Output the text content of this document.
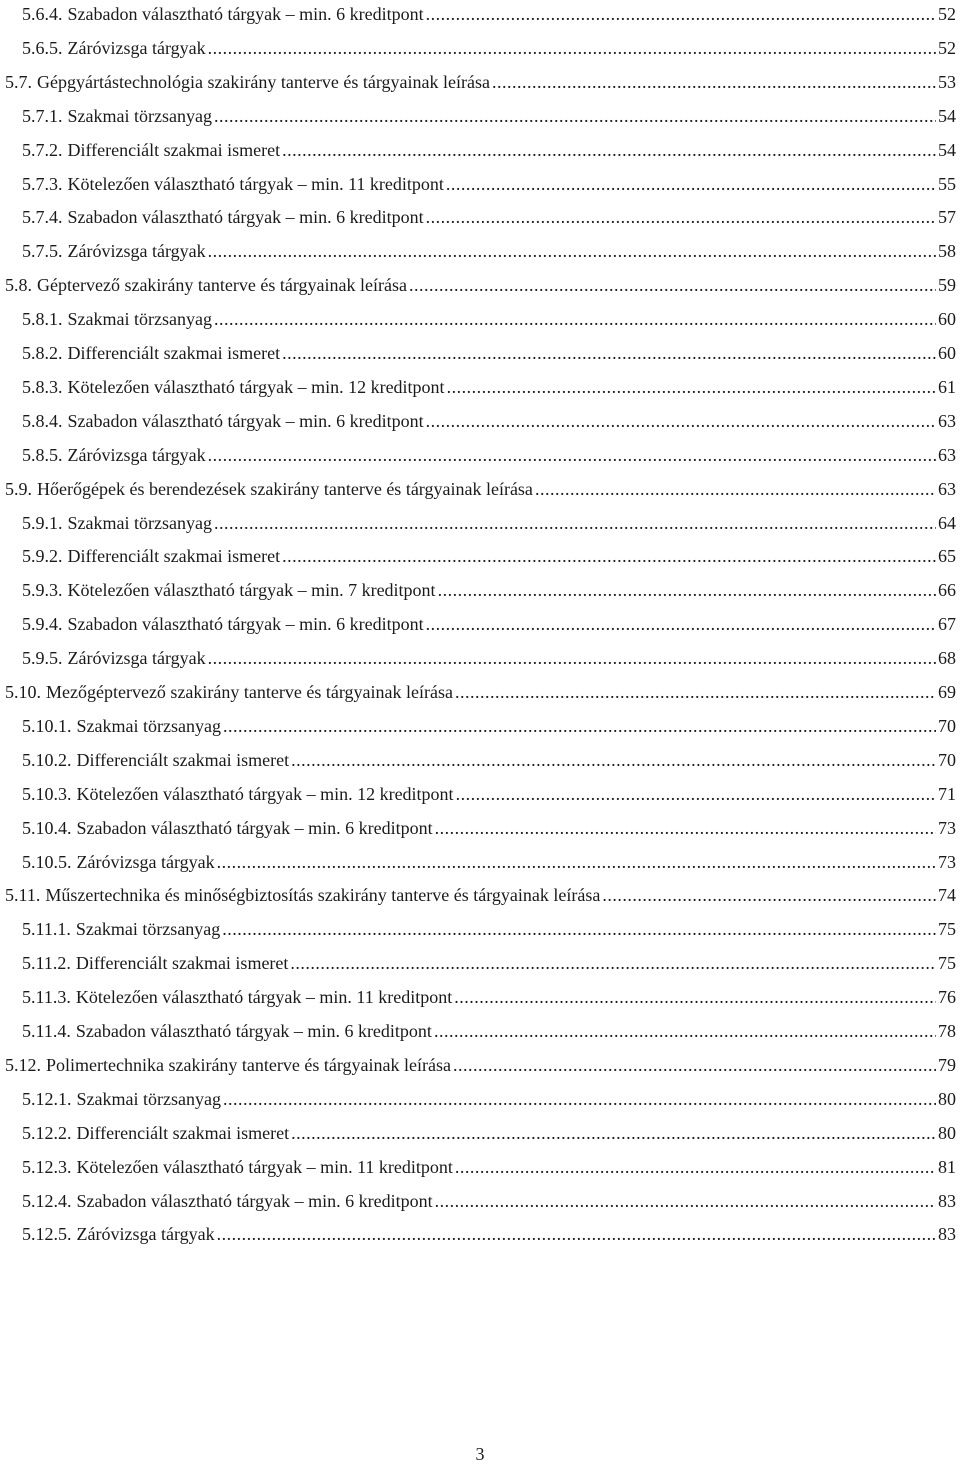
5.6.4. Szabadon választható tárgyak – min. 6 kreditpont .....	52
5.6.5. Záróvizsga tárgyak .....	52
5.7. Gépgyártástechnológia szakirány tanterve és tárgyainak leírása .....	53
5.7.1. Szakmai törzsanyag .....	54
5.7.2. Differenciált szakmai ismeret .....	54
5.7.3. Kötelezően választható tárgyak – min. 11 kreditpont .....	55
5.7.4. Szabadon választható tárgyak – min. 6 kreditpont .....	57
5.7.5. Záróvizsga tárgyak .....	58
5.8. Géptervező szakirány tanterve és tárgyainak leírása .....	59
5.8.1. Szakmai törzsanyag .....	60
5.8.2. Differenciált szakmai ismeret .....	60
5.8.3. Kötelezően választható tárgyak – min. 12 kreditpont .....	61
5.8.4. Szabadon választható tárgyak – min. 6 kreditpont .....	63
5.8.5. Záróvizsga tárgyak .....	63
5.9. Hőerőgépek és berendezések szakirány tanterve és tárgyainak leírása .....	63
5.9.1. Szakmai törzsanyag .....	64
5.9.2. Differenciált szakmai ismeret .....	65
5.9.3. Kötelezően választható tárgyak – min. 7 kreditpont .....	66
5.9.4. Szabadon választható tárgyak – min. 6 kreditpont .....	67
5.9.5. Záróvizsga tárgyak .....	68
5.10. Mezőgéptervező szakirány tanterve és tárgyainak leírása .....	69
5.10.1. Szakmai törzsanyag .....	70
5.10.2. Differenciált szakmai ismeret .....	70
5.10.3. Kötelezően választható tárgyak – min. 12 kreditpont .....	71
5.10.4. Szabadon választható tárgyak – min. 6 kreditpont .....	73
5.10.5. Záróvizsga tárgyak .....	73
5.11. Műszertechnika és minőségbiztosítás szakirány tanterve és tárgyainak leírása .....	74
5.11.1. Szakmai törzsanyag .....	75
5.11.2. Differenciált szakmai ismeret .....	75
5.11.3. Kötelezően választható tárgyak – min. 11 kreditpont .....	76
5.11.4. Szabadon választható tárgyak – min. 6 kreditpont .....	78
5.12. Polimertechnika szakirány tanterve és tárgyainak leírása .....	79
5.12.1. Szakmai törzsanyag .....	80
5.12.2. Differenciált szakmai ismeret .....	80
5.12.3. Kötelezően választható tárgyak – min. 11 kreditpont .....	81
5.12.4. Szabadon választható tárgyak – min. 6 kreditpont .....	83
5.12.5. Záróvizsga tárgyak .....	83
3
